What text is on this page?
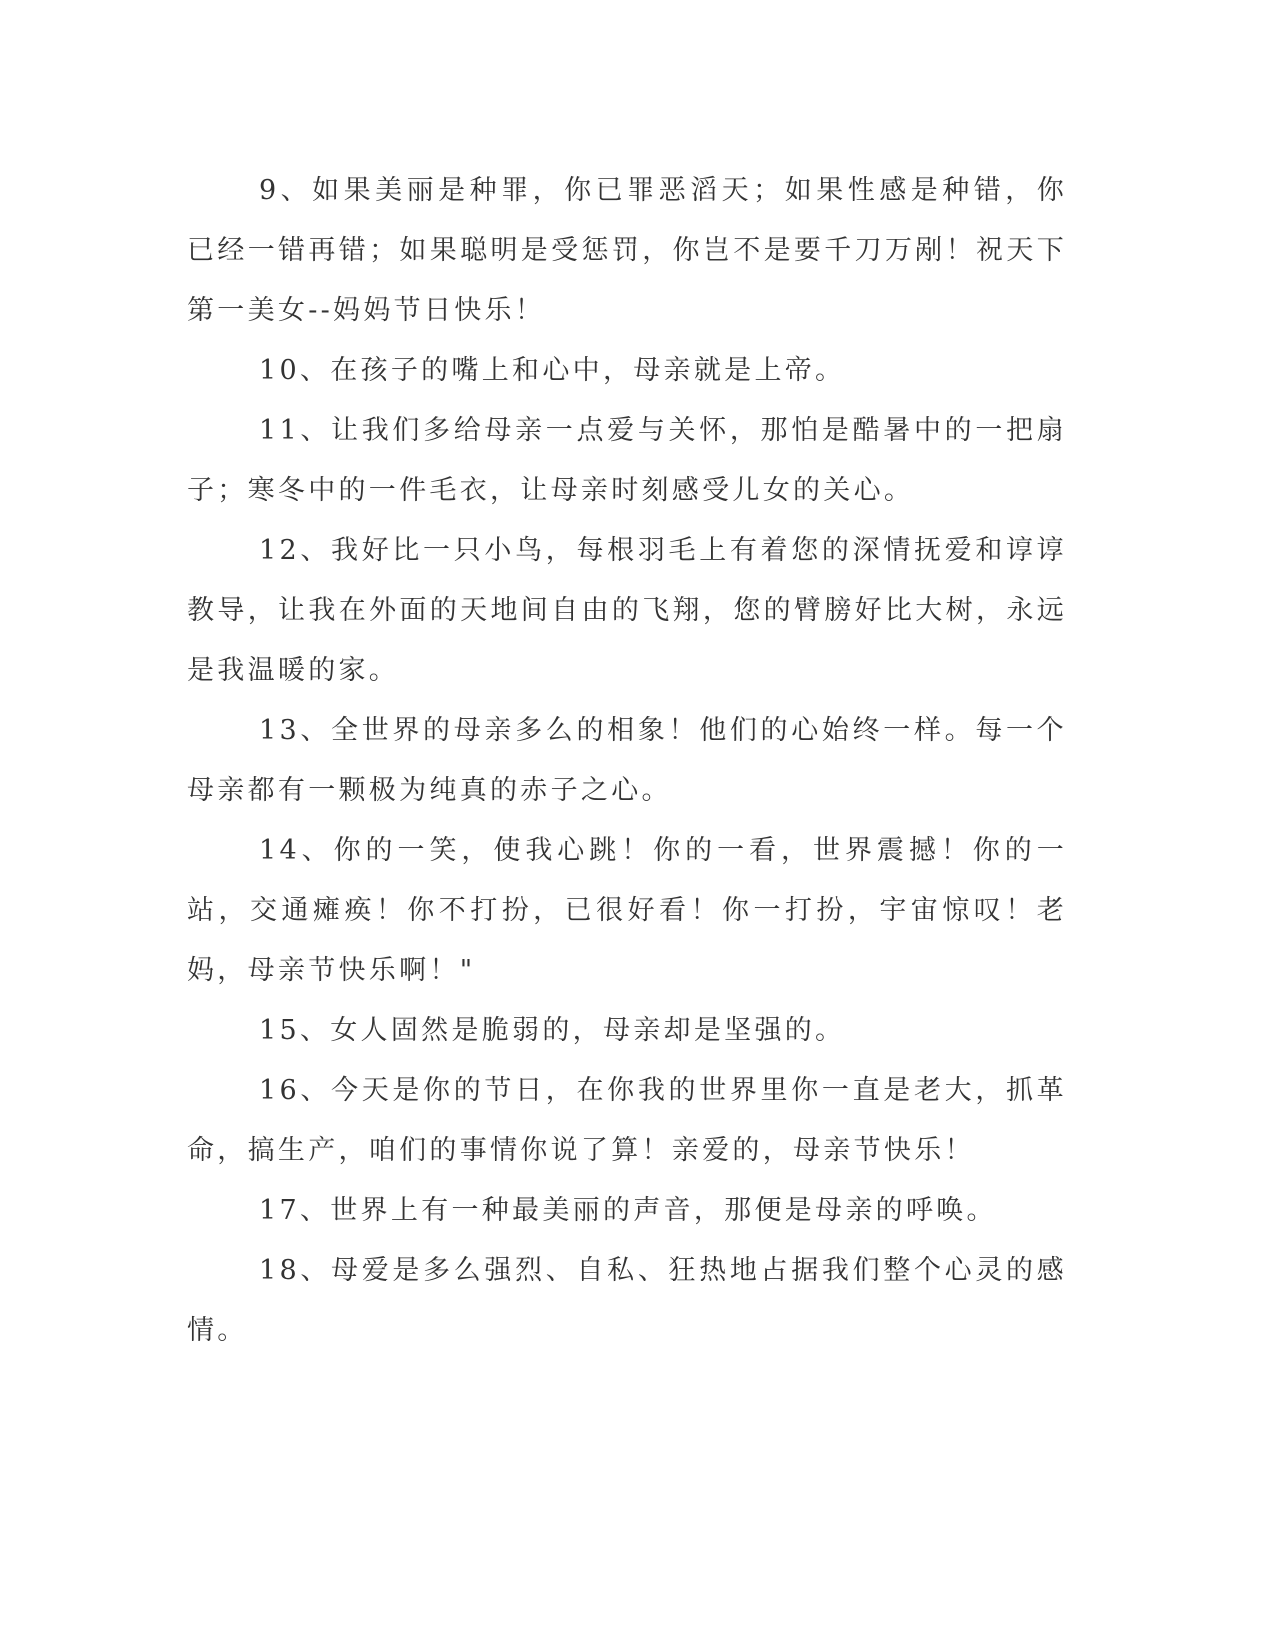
9、如果美丽是种罪，你已罪恶滔天；如果性感是种错，你已经一错再错；如果聪明是受惩罚，你岂不是要千刀万剐！祝天下第一美女--妈妈节日快乐！

10、在孩子的嘴上和心中，母亲就是上帝。

11、让我们多给母亲一点爱与关怀，那怕是酷暑中的一把扇子；寒冬中的一件毛衣，让母亲时刻感受儿女的关心。

12、我好比一只小鸟，每根羽毛上有着您的深情抚爱和谆谆教导，让我在外面的天地间自由的飞翔，您的臂膀好比大树，永远是我温暖的家。

13、全世界的母亲多么的相象！他们的心始终一样。每一个母亲都有一颗极为纯真的赤子之心。

14、你的一笑，使我心跳！你的一看，世界震撼！你的一站，交通瘫痪！你不打扮，已很好看！你一打扮，宇宙惊叹！老妈，母亲节快乐啊！"

15、女人固然是脆弱的，母亲却是坚强的。

16、今天是你的节日，在你我的世界里你一直是老大，抓革命，搞生产，咱们的事情你说了算！亲爱的，母亲节快乐！

17、世界上有一种最美丽的声音，那便是母亲的呼唤。

18、母爱是多么强烈、自私、狂热地占据我们整个心灵的感情。
